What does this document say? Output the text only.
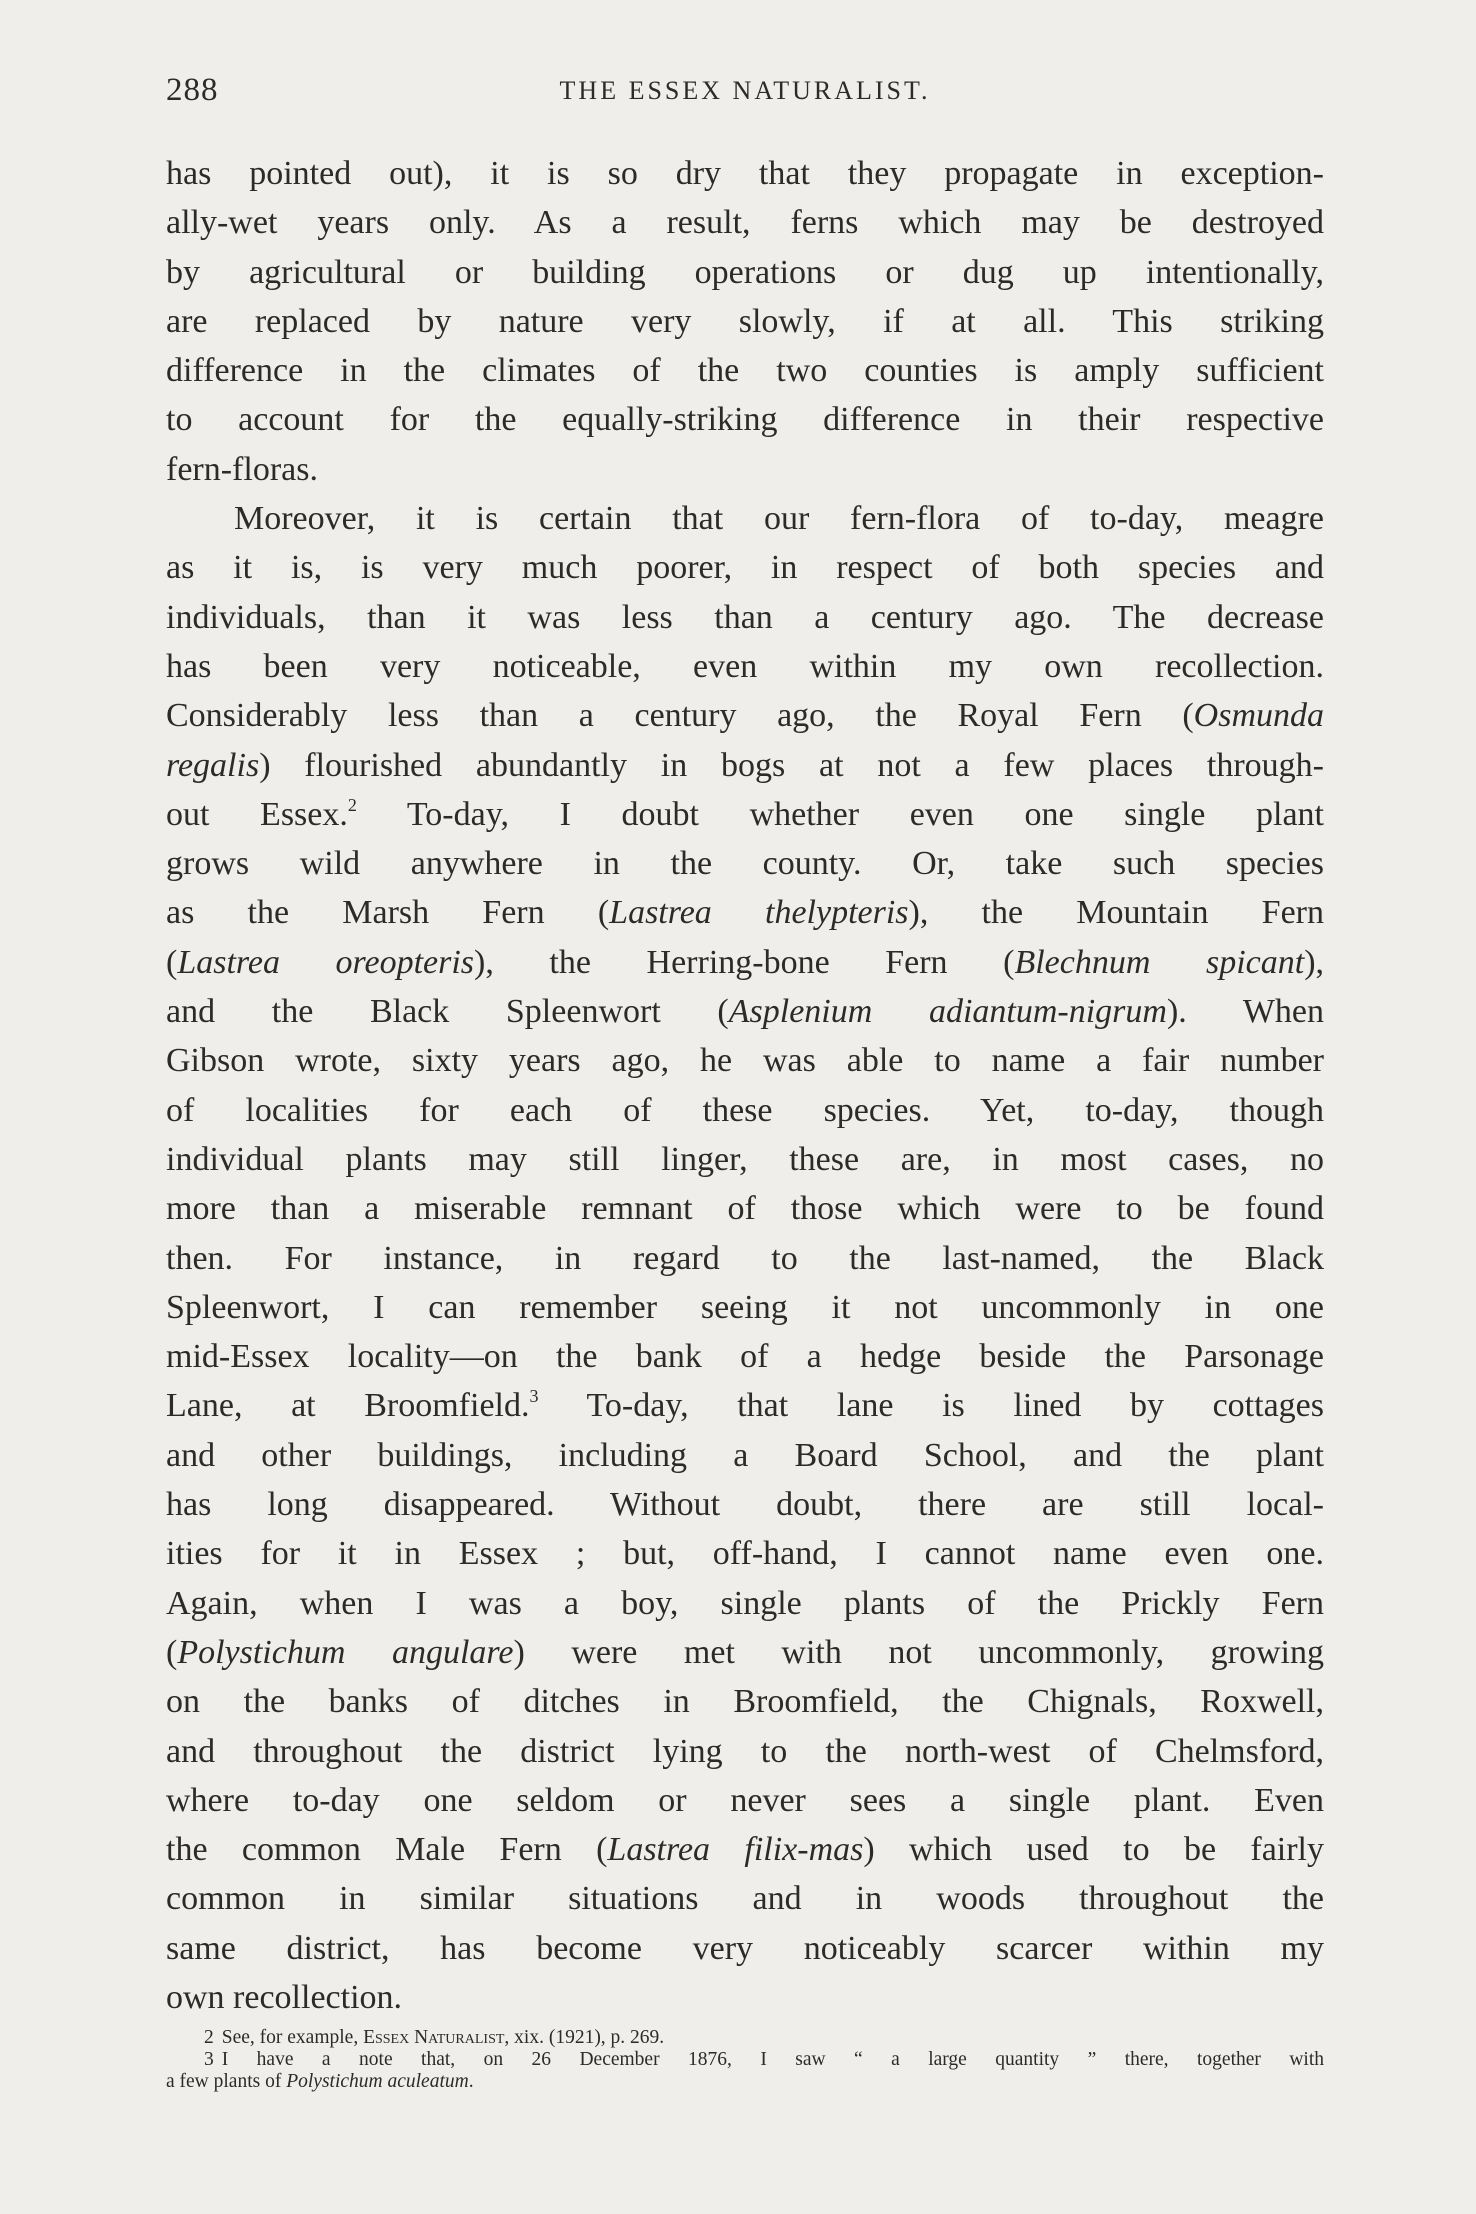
288	THE ESSEX NATURALIST.
has pointed out), it is so dry that they propagate in exception-
ally-wet years only. As a result, ferns which may be destroyed
by agricultural or building operations or dug up intentionally,
are replaced by nature very slowly, if at all. This striking
difference in the climates of the two counties is amply sufficient
to account for the equally-striking difference in their respective
fern-floras.
Moreover, it is certain that our fern-flora of to-day, meagre
as it is, is very much poorer, in respect of both species and
individuals, than it was less than a century ago. The decrease
has been very noticeable, even within my own recollection.
Considerably less than a century ago, the Royal Fern (Osmunda
regalis) flourished abundantly in bogs at not a few places through-
out Essex.$^2$ To-day, I doubt whether even one single plant
grows wild anywhere in the county. Or, take such species
as the Marsh Fern (Lastrea thelypteris), the Mountain Fern
(Lastrea oreopteris), the Herring-bone Fern (Blechnum spicant),
and the Black Spleenwort (Asplenium adiantum-nigrum). When
Gibson wrote, sixty years ago, he was able to name a fair number
of localities for each of these species. Yet, to-day, though
individual plants may still linger, these are, in most cases, no
more than a miserable remnant of those which were to be found
then. For instance, in regard to the last-named, the Black
Spleenwort, I can remember seeing it not uncommonly in one
mid-Essex locality—on the bank of a hedge beside the Parsonage
Lane, at Broomfield.$^3$ To-day, that lane is lined by cottages
and other buildings, including a Board School, and the plant
has long disappeared. Without doubt, there are still local-
ities for it in Essex ; but, off-hand, I cannot name even one.
Again, when I was a boy, single plants of the Prickly Fern
(Polystichum angulare) were met with not uncommonly, growing
on the banks of ditches in Broomfield, the Chignals, Roxwell,
and throughout the district lying to the north-west of Chelmsford,
where to-day one seldom or never sees a single plant. Even
the common Male Fern (Lastrea filix-mas) which used to be fairly
common in similar situations and in woods throughout the
same district, has become very noticeably scarcer within my
own recollection.
2 See, for example, Essex Naturalist, xix. (1921), p. 269.
3 I have a note that, on 26 December 1876, I saw “ a large quantity ” there, together with
a few plants of Polystichum aculeatum.
